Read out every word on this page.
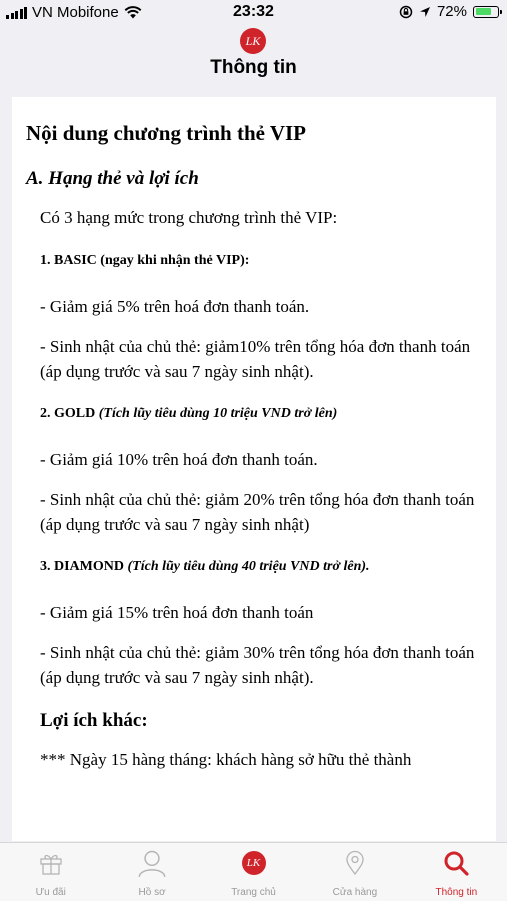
VN Mobifone	23:32	72%
LK
Thông tin
Nội dung chương trình thẻ VIP
A. Hạng thẻ và lợi ích
Có 3 hạng mức trong chương trình thẻ VIP:
1. BASIC (ngay khi nhận thẻ VIP):
- Giảm giá 5% trên hoá đơn thanh toán.
- Sinh nhật của chủ thẻ: giảm10% trên tổng hóa đơn thanh toán (áp dụng trước và sau 7 ngày sinh nhật).
2. GOLD (Tích lũy tiêu dùng 10 triệu VND trở lên)
- Giảm giá 10% trên hoá đơn thanh toán.
- Sinh nhật của chủ thẻ: giảm 20% trên tổng hóa đơn thanh toán (áp dụng trước và sau 7 ngày sinh nhật)
3. DIAMOND (Tích lũy tiêu dùng 40 triệu VND trở lên).
- Giảm giá 15% trên hoá đơn thanh toán
- Sinh nhật của chủ thẻ: giảm 30% trên tổng hóa đơn thanh toán (áp dụng trước và sau 7 ngày sinh nhật).
Lợi ích khác:
*** Ngày 15 hàng tháng: khách hàng sở hữu thẻ thành
Ưu đãi	Hồ sơ
LK
Trang chủ	Cửa hàng	Thông tin
